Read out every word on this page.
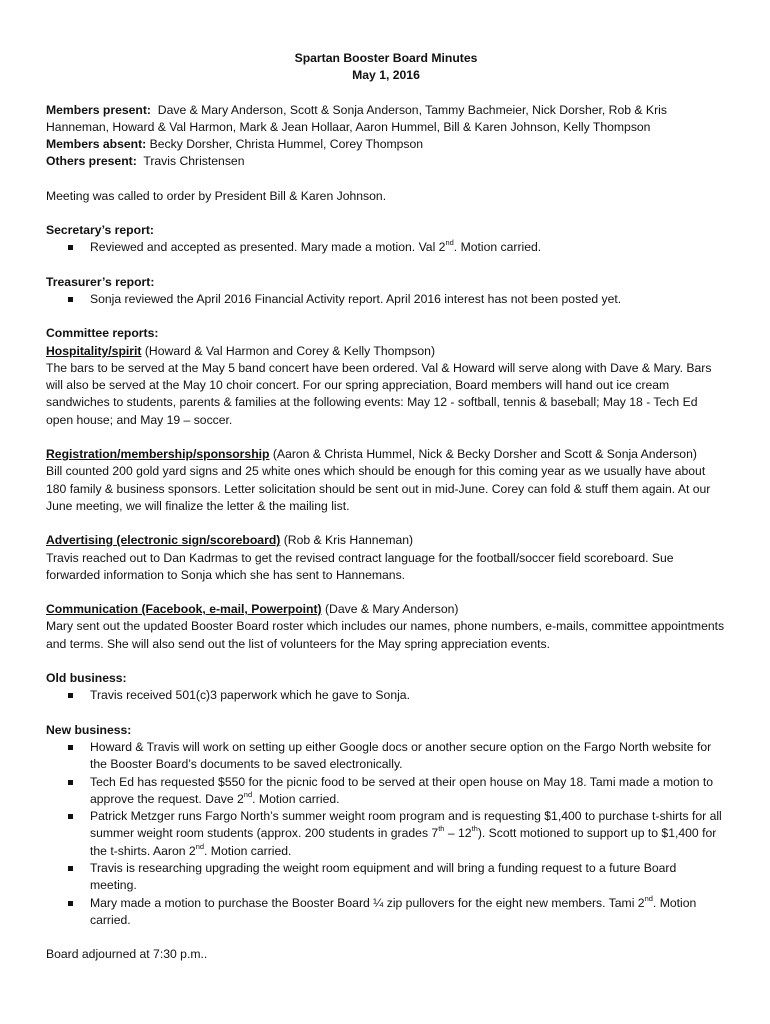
Spartan Booster Board Minutes
May 1, 2016
Members present: Dave & Mary Anderson, Scott & Sonja Anderson, Tammy Bachmeier, Nick Dorsher, Rob & Kris Hanneman, Howard & Val Harmon, Mark & Jean Hollaar, Aaron Hummel, Bill & Karen Johnson, Kelly Thompson
Members absent: Becky Dorsher, Christa Hummel, Corey Thompson
Others present: Travis Christensen
Meeting was called to order by President Bill & Karen Johnson.
Secretary’s report:
Reviewed and accepted as presented. Mary made a motion. Val 2nd. Motion carried.
Treasurer’s report:
Sonja reviewed the April 2016 Financial Activity report. April 2016 interest has not been posted yet.
Committee reports:
Hospitality/spirit (Howard & Val Harmon and Corey & Kelly Thompson)
The bars to be served at the May 5 band concert have been ordered. Val & Howard will serve along with Dave & Mary. Bars will also be served at the May 10 choir concert. For our spring appreciation, Board members will hand out ice cream sandwiches to students, parents & families at the following events: May 12 - softball, tennis & baseball; May 18 - Tech Ed open house; and May 19 – soccer.
Registration/membership/sponsorship (Aaron & Christa Hummel, Nick & Becky Dorsher and Scott & Sonja Anderson)
Bill counted 200 gold yard signs and 25 white ones which should be enough for this coming year as we usually have about 180 family & business sponsors. Letter solicitation should be sent out in mid-June. Corey can fold & stuff them again. At our June meeting, we will finalize the letter & the mailing list.
Advertising (electronic sign/scoreboard) (Rob & Kris Hanneman)
Travis reached out to Dan Kadrmas to get the revised contract language for the football/soccer field scoreboard. Sue forwarded information to Sonja which she has sent to Hannemans.
Communication (Facebook, e-mail, Powerpoint) (Dave & Mary Anderson)
Mary sent out the updated Booster Board roster which includes our names, phone numbers, e-mails, committee appointments and terms. She will also send out the list of volunteers for the May spring appreciation events.
Old business:
Travis received 501(c)3 paperwork which he gave to Sonja.
New business:
Howard & Travis will work on setting up either Google docs or another secure option on the Fargo North website for the Booster Board’s documents to be saved electronically.
Tech Ed has requested $550 for the picnic food to be served at their open house on May 18. Tami made a motion to approve the request. Dave 2nd. Motion carried.
Patrick Metzger runs Fargo North’s summer weight room program and is requesting $1,400 to purchase t-shirts for all summer weight room students (approx. 200 students in grades 7th – 12th). Scott motioned to support up to $1,400 for the t-shirts. Aaron 2nd. Motion carried.
Travis is researching upgrading the weight room equipment and will bring a funding request to a future Board meeting.
Mary made a motion to purchase the Booster Board ¼ zip pullovers for the eight new members. Tami 2nd. Motion carried.
Board adjourned at 7:30 p.m..
